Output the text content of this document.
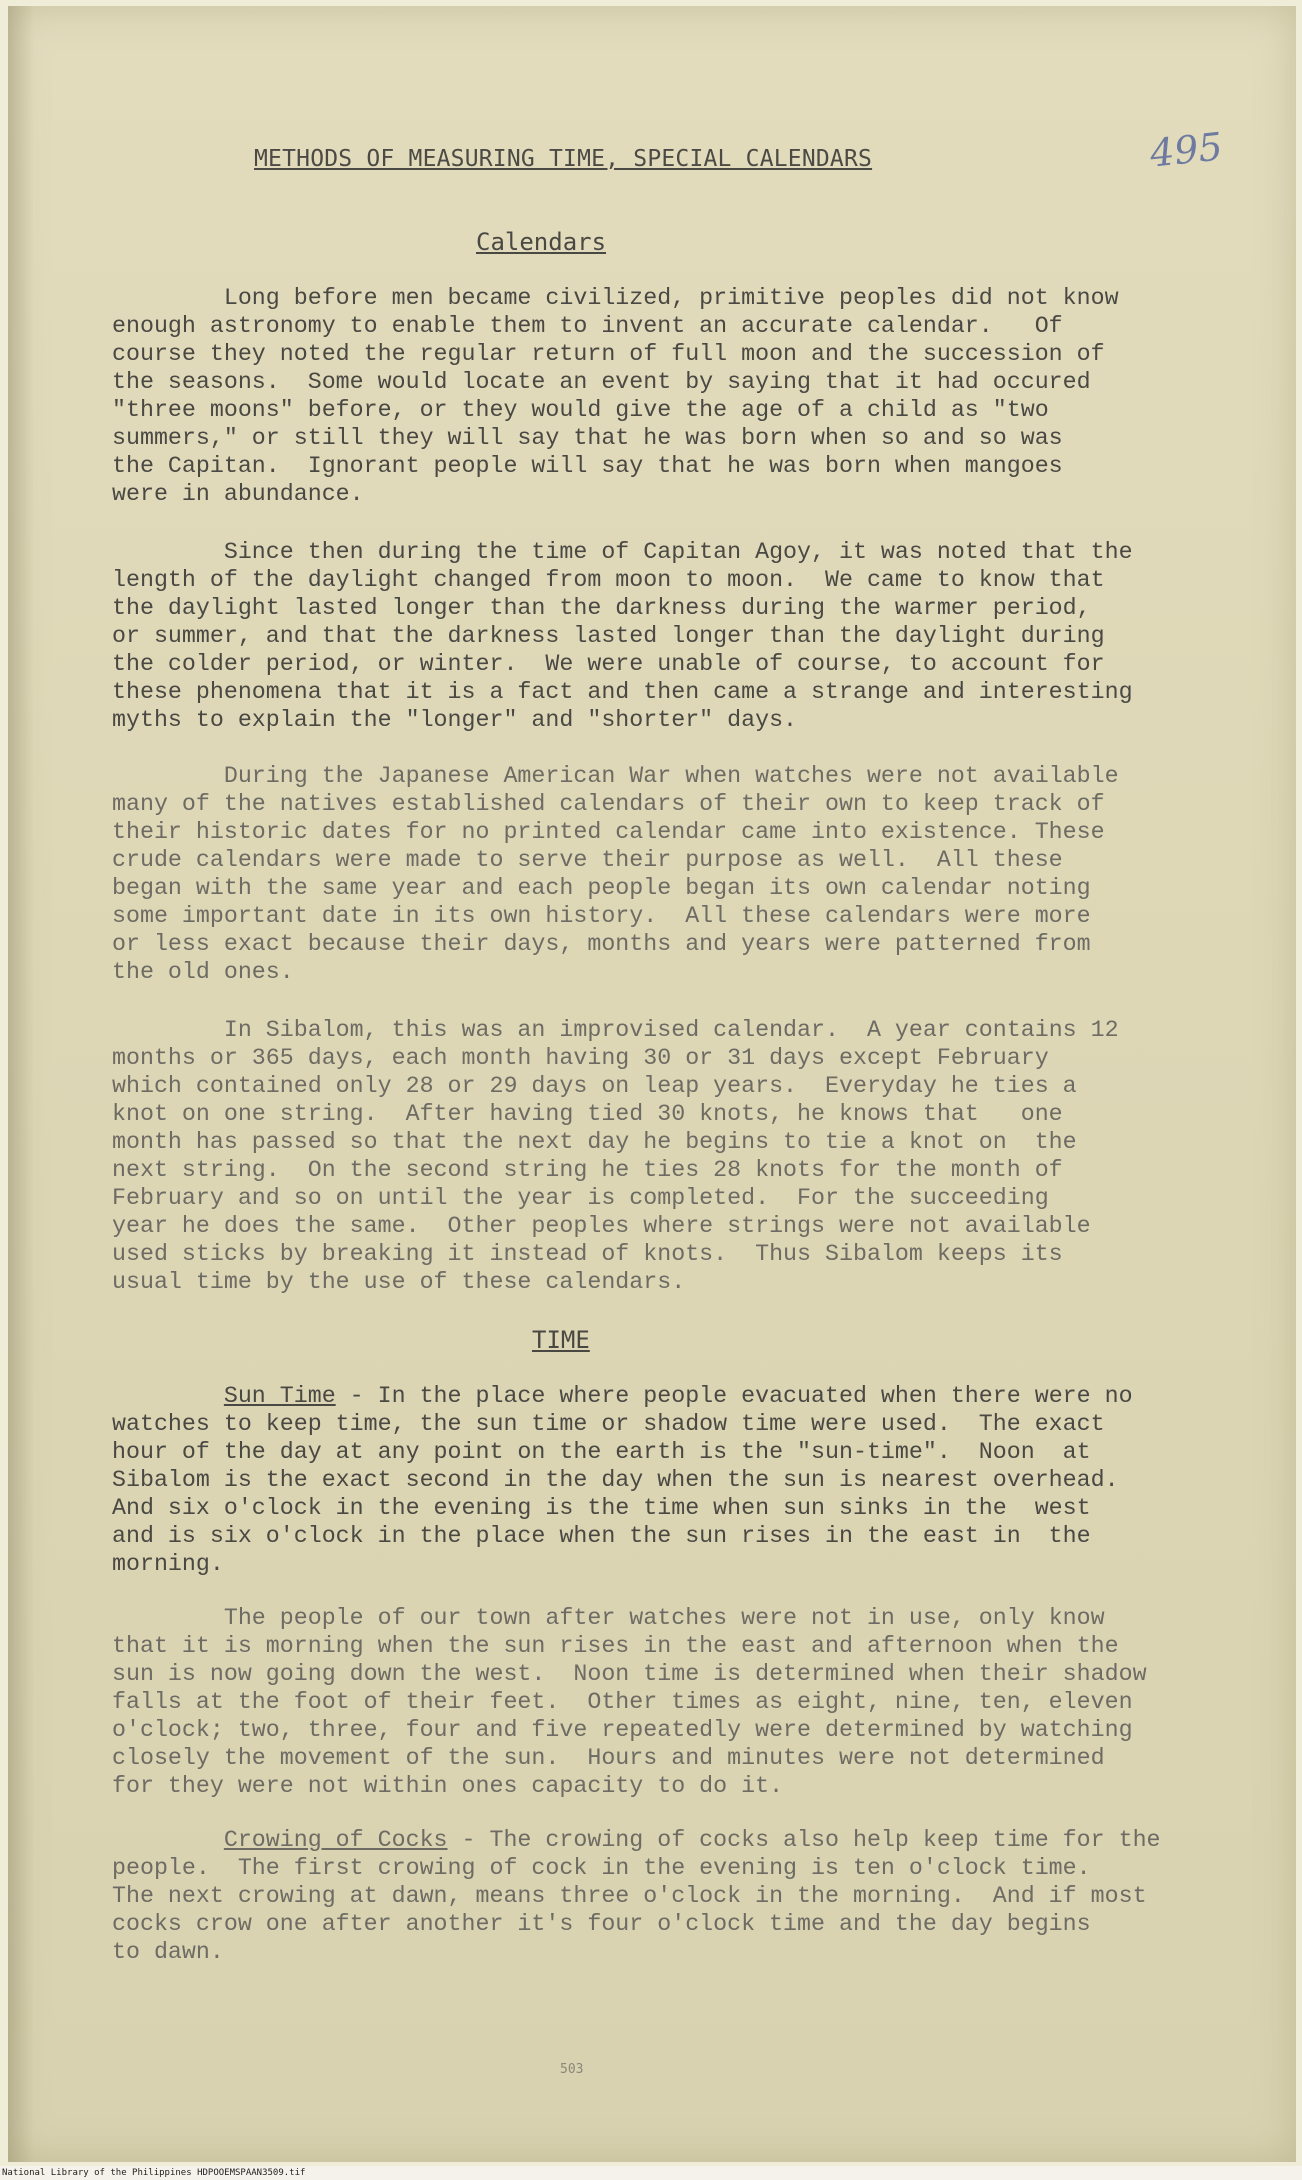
495
METHODS OF MEASURING TIME, SPECIAL CALENDARS
Calendars
Long before men became civilized, primitive peoples did not know
enough astronomy to enable them to invent an accurate calendar.   Of
course they noted the regular return of full moon and the succession of
the seasons.  Some would locate an event by saying that it had occured
"three moons" before, or they would give the age of a child as "two
summers," or still they will say that he was born when so and so was
the Capitan.  Ignorant people will say that he was born when mangoes
were in abundance.
Since then during the time of Capitan Agoy, it was noted that the
length of the daylight changed from moon to moon.  We came to know that
the daylight lasted longer than the darkness during the warmer period,
or summer, and that the darkness lasted longer than the daylight during
the colder period, or winter.  We were unable of course, to account for
these phenomena that it is a fact and then came a strange and interesting
myths to explain the "longer" and "shorter" days.
During the Japanese American War when watches were not available
many of the natives established calendars of their own to keep track of
their historic dates for no printed calendar came into existence. These
crude calendars were made to serve their purpose as well.  All these
began with the same year and each people began its own calendar noting
some important date in its own history.  All these calendars were more
or less exact because their days, months and years were patterned from
the old ones.
In Sibalom, this was an improvised calendar.  A year contains 12
months or 365 days, each month having 30 or 31 days except February
which contained only 28 or 29 days on leap years.  Everyday he ties a
knot on one string.  After having tied 30 knots, he knows that   one
month has passed so that the next day he begins to tie a knot on  the
next string.  On the second string he ties 28 knots for the month of
February and so on until the year is completed.  For the succeeding
year he does the same.  Other peoples where strings were not available
used sticks by breaking it instead of knots.  Thus Sibalom keeps its
usual time by the use of these calendars.
TIME
Sun Time - In the place where people evacuated when there were no
watches to keep time, the sun time or shadow time were used.  The exact
hour of the day at any point on the earth is the "sun-time".  Noon  at
Sibalom is the exact second in the day when the sun is nearest overhead.
And six o'clock in the evening is the time when sun sinks in the  west
and is six o'clock in the place when the sun rises in the east in  the
morning.
The people of our town after watches were not in use, only know
that it is morning when the sun rises in the east and afternoon when the
sun is now going down the west.  Noon time is determined when their shadow
falls at the foot of their feet.  Other times as eight, nine, ten, eleven
o'clock; two, three, four and five repeatedly were determined by watching
closely the movement of the sun.  Hours and minutes were not determined
for they were not within ones capacity to do it.
Crowing of Cocks - The crowing of cocks also help keep time for the
people.  The first crowing of cock in the evening is ten o'clock time.
The next crowing at dawn, means three o'clock in the morning.  And if most
cocks crow one after another it's four o'clock time and the day begins
to dawn.
503
National Library of the Philippines HDPOOEMSPAAN3509.tif
